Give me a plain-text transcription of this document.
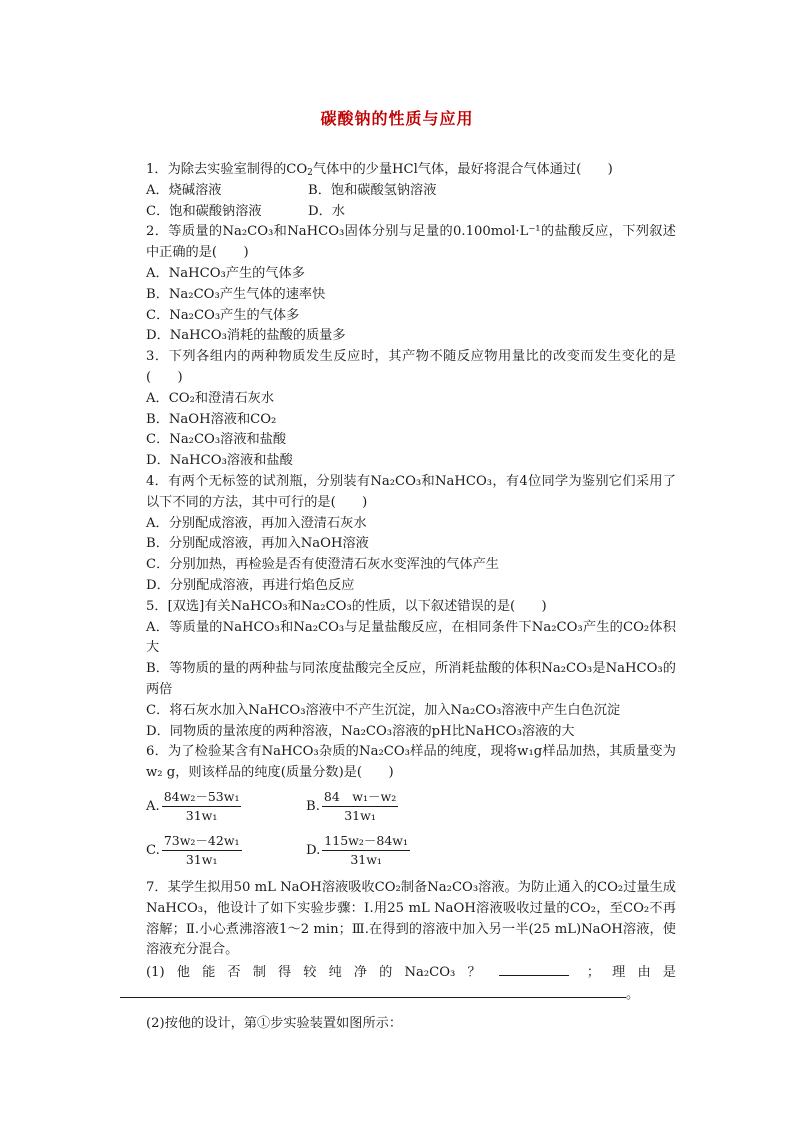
碳酸钠的性质与应用
1．为除去实验室制得的$CO_2$气体中的少量HCl气体，最好将混合气体通过(　　)
A．烧碱溶液	B．饱和碳酸氢钠溶液
C．饱和碳酸钠溶液	D．水
2．等质量的Na₂CO₃和NaHCO₃固体分别与足量的0.100mol·L⁻¹的盐酸反应，下列叙述中正确的是(　　)
A．NaHCO₃产生的气体多
B．Na₂CO₃产生气体的速率快
C．Na₂CO₃产生的气体多
D．NaHCO₃消耗的盐酸的质量多
3．下列各组内的两种物质发生反应时，其产物不随反应物用量比的改变而发生变化的是(　　)
A．CO₂和澄清石灰水
B．NaOH溶液和CO₂
C．Na₂CO₃溶液和盐酸
D．NaHCO₃溶液和盐酸
4．有两个无标签的试剂瓶，分别装有Na₂CO₃和NaHCO₃，有4位同学为鉴别它们采用了以下不同的方法，其中可行的是(　　)
A．分别配成溶液，再加入澄清石灰水
B．分别配成溶液，再加入NaOH溶液
C．分别加热，再检验是否有使澄清石灰水变浑浊的气体产生
D．分别配成溶液，再进行焰色反应
5．[双选]有关NaHCO₃和Na₂CO₃的性质，以下叙述错误的是(　　)
A．等质量的NaHCO₃和Na₂CO₃与足量盐酸反应，在相同条件下Na₂CO₃产生的CO₂体积大
B．等物质的量的两种盐与同浓度盐酸完全反应，所消耗盐酸的体积Na₂CO₃是NaHCO₃的两倍
C．将石灰水加入NaHCO₃溶液中不产生沉淀，加入Na₂CO₃溶液中产生白色沉淀
D．同物质的量浓度的两种溶液，Na₂CO₃溶液的pH比NaHCO₃溶液的大
6．为了检验某含有NaHCO₃杂质的Na₂CO₃样品的纯度，现将w₁g样品加热，其质量变为w₂ g，则该样品的纯度(质量分数)是(　　)
A. $\frac{\text{84w₂－53w₁}}{\text{31w₁}}$	B. $\frac{\text{84　w₁－w₂}}{\text{31w₁}}$
C. $\frac{\text{73w₂－42w₁}}{\text{31w₁}}$	D. $\frac{\text{115w₂－84w₁}}{\text{31w₁}}$
7．某学生拟用50 mL NaOH溶液吸收CO₂制备Na₂CO₃溶液。为防止通入的CO₂过量生成NaHCO₃，他设计了如下实验步骤：Ⅰ.用25 mL NaOH溶液吸收过量的CO₂，至CO₂不再溶解；Ⅱ.小心煮沸溶液1～2 min；Ⅲ.在得到的溶液中加入另一半(25 mL)NaOH溶液，使溶液充分混合。
(1) 他 能 否 制 得 较 纯 净 的 Na₂CO₃ ？	； 理 由 是
。
(2)按他的设计，第①步实验装置如图所示：
